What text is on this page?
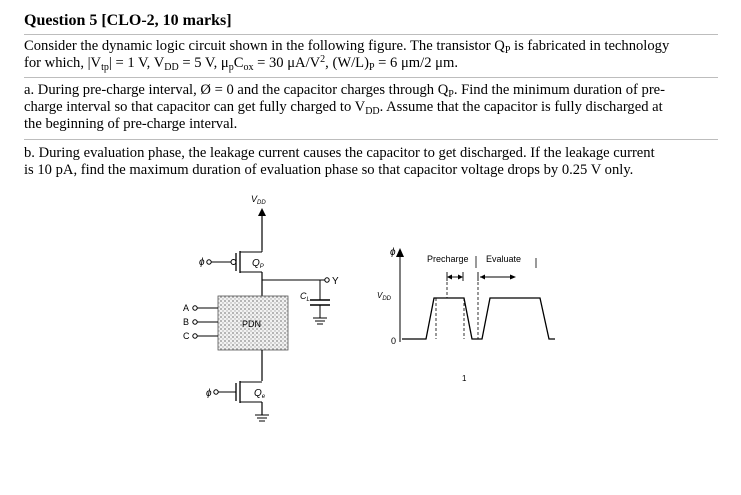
Question 5 [CLO-2, 10 marks]
Consider the dynamic logic circuit shown in the following figure. The transistor $Q_P$ is fabricated in technology
for which, $|V_{tp}| = 1$ V, $V_{DD} = 5$ V, $\mu_pC_{ox} = 30$ $\mu A/V^2$, $(W/L)_P = 6$ μm/2 μm.
a. During pre-charge interval, Ø = 0 and the capacitor charges through $Q_P$. Find the minimum duration of pre-
charge interval so that capacitor can get fully charged to $V_{DD}$. Assume that the capacitor is fully discharged at
the beginning of pre-charge interval.
b. During evaluation phase, the leakage current causes the capacitor to get discharged. If the leakage current
is 10 pA, find the maximum duration of evaluation phase so that capacitor voltage drops by 0.25 V only.
$V_{DD}$
ϕ	$Q_P$
Y
$C_L$
PDN
A
B
C
ϕ	$Q_e$
ϕ
$V_{DD}$
0
Precharge Evaluate
1
